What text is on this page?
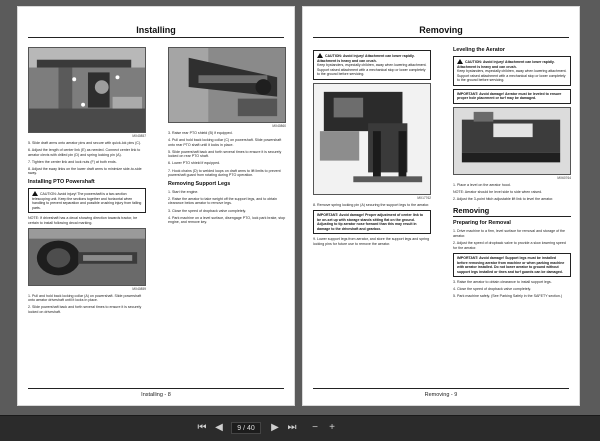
Installing
MX40857
5. Slide draft arms onto aerator pins and secure with quick-lok pins (C).
6. Adjust the length of center link (E) as needed. Connect center link to aerator clevis with drilled pin (D) and spring locking pin (A).
7. Tighten the center link and lock nuts (F) at both ends.
8. Adjust the sway links on the lower draft arms to minimize side-to-side sway.
Installing PTO Powershaft
CAUTION: Avoid injury! The powershaft is a two-section telescoping unit. Keep the sections together and horizontal when handling to prevent separation and possible crushing injury from falling parts.
NOTE: If driveshaft has a decal showing direction towards tractor, be certain to install following decal marking.
MX40859
1. Pull and hold back locking collar (A) on powershaft. Slide powershaft onto aerator driveshaft until it locks in place.
2. Slide powershaft back and forth several times to ensure it is securely locked on driveshaft.
MX40860
3. Raise rear PTO shield (B) if equipped.
4. Pull and hold back locking collar (C) on powershaft. Slide powershaft onto rear PTO shaft until it locks in place.
5. Slide powershaft back and forth several times to ensure it is securely locked on rear PTO shaft.
6. Lower PTO shield if equipped.
7. Hook chains (D) to welded loops on draft arms to lift limits to prevent powershaft guard from rotating during PTO operation.
Removing Support Legs
1. Start the engine.
2. Raise the aerator to take weight off the support legs, and to obtain clearance below aerator to remove legs.
3. Close the speed of dropback valve completely.
4. Park machine on a level surface, disengage PTO, lock park brake, stop engine, and remove key.
Installing - 8
Removing
CAUTION: Avoid injury! Attachment can lower rapidly. Attachment is heavy and can crush.
Keep bystanders, especially children, away when lowering attachment.
Support raised attachment with a mechanical stop or lower completely to the ground before servicing.
MX17762
8. Remove spring locking pin (A) securing the support legs to the aerator.
IMPORTANT: Avoid damage! Proper adjustment of center link to be on-set up with storage stands sitting flat on the ground. Adjusting to tip aerator nose forward than this may result in damage to the driveshaft and gearbox.
9. Lower support legs from aerator, and store the support legs and spring locking pins for future use to remove the aerator.
Leveling the Aerator
CAUTION: Avoid injury! Attachment can lower rapidly. Attachment is heavy and can crush.
Keep bystanders, especially children, away when lowering attachment.
Support raised attachment with a mechanical stop or lower completely to the ground before servicing.
IMPORTANT: Avoid damage! Aerator must be leveled to ensure proper hole placement or turf may be damaged.
MX60764
1. Place a level on the aerator hood.
NOTE: Aerator should be level side to side when raised.
2. Adjust the 3-point hitch adjustable lift link to level the aerator.
Removing
Preparing for Removal
1. Drive machine to a firm, level surface for removal and storage of the aerator.
2. Adjust the speed of dropback valve to provide a slow lowering speed for the aerator.
IMPORTANT: Avoid damage! Support legs must be installed before removing aerator from machine or when parking machine with aerator installed. Do not lower aerator to ground without support legs installed or tines and turf guards can be damaged.
3. Raise the aerator to obtain clearance to install support legs.
4. Close the speed of dropback valve completely.
5. Park machine safely. (See Parking Safely in the SAFETY section.)
Removing - 9
⏮ ◀
9 / 40	▶ ⏭	−	+
